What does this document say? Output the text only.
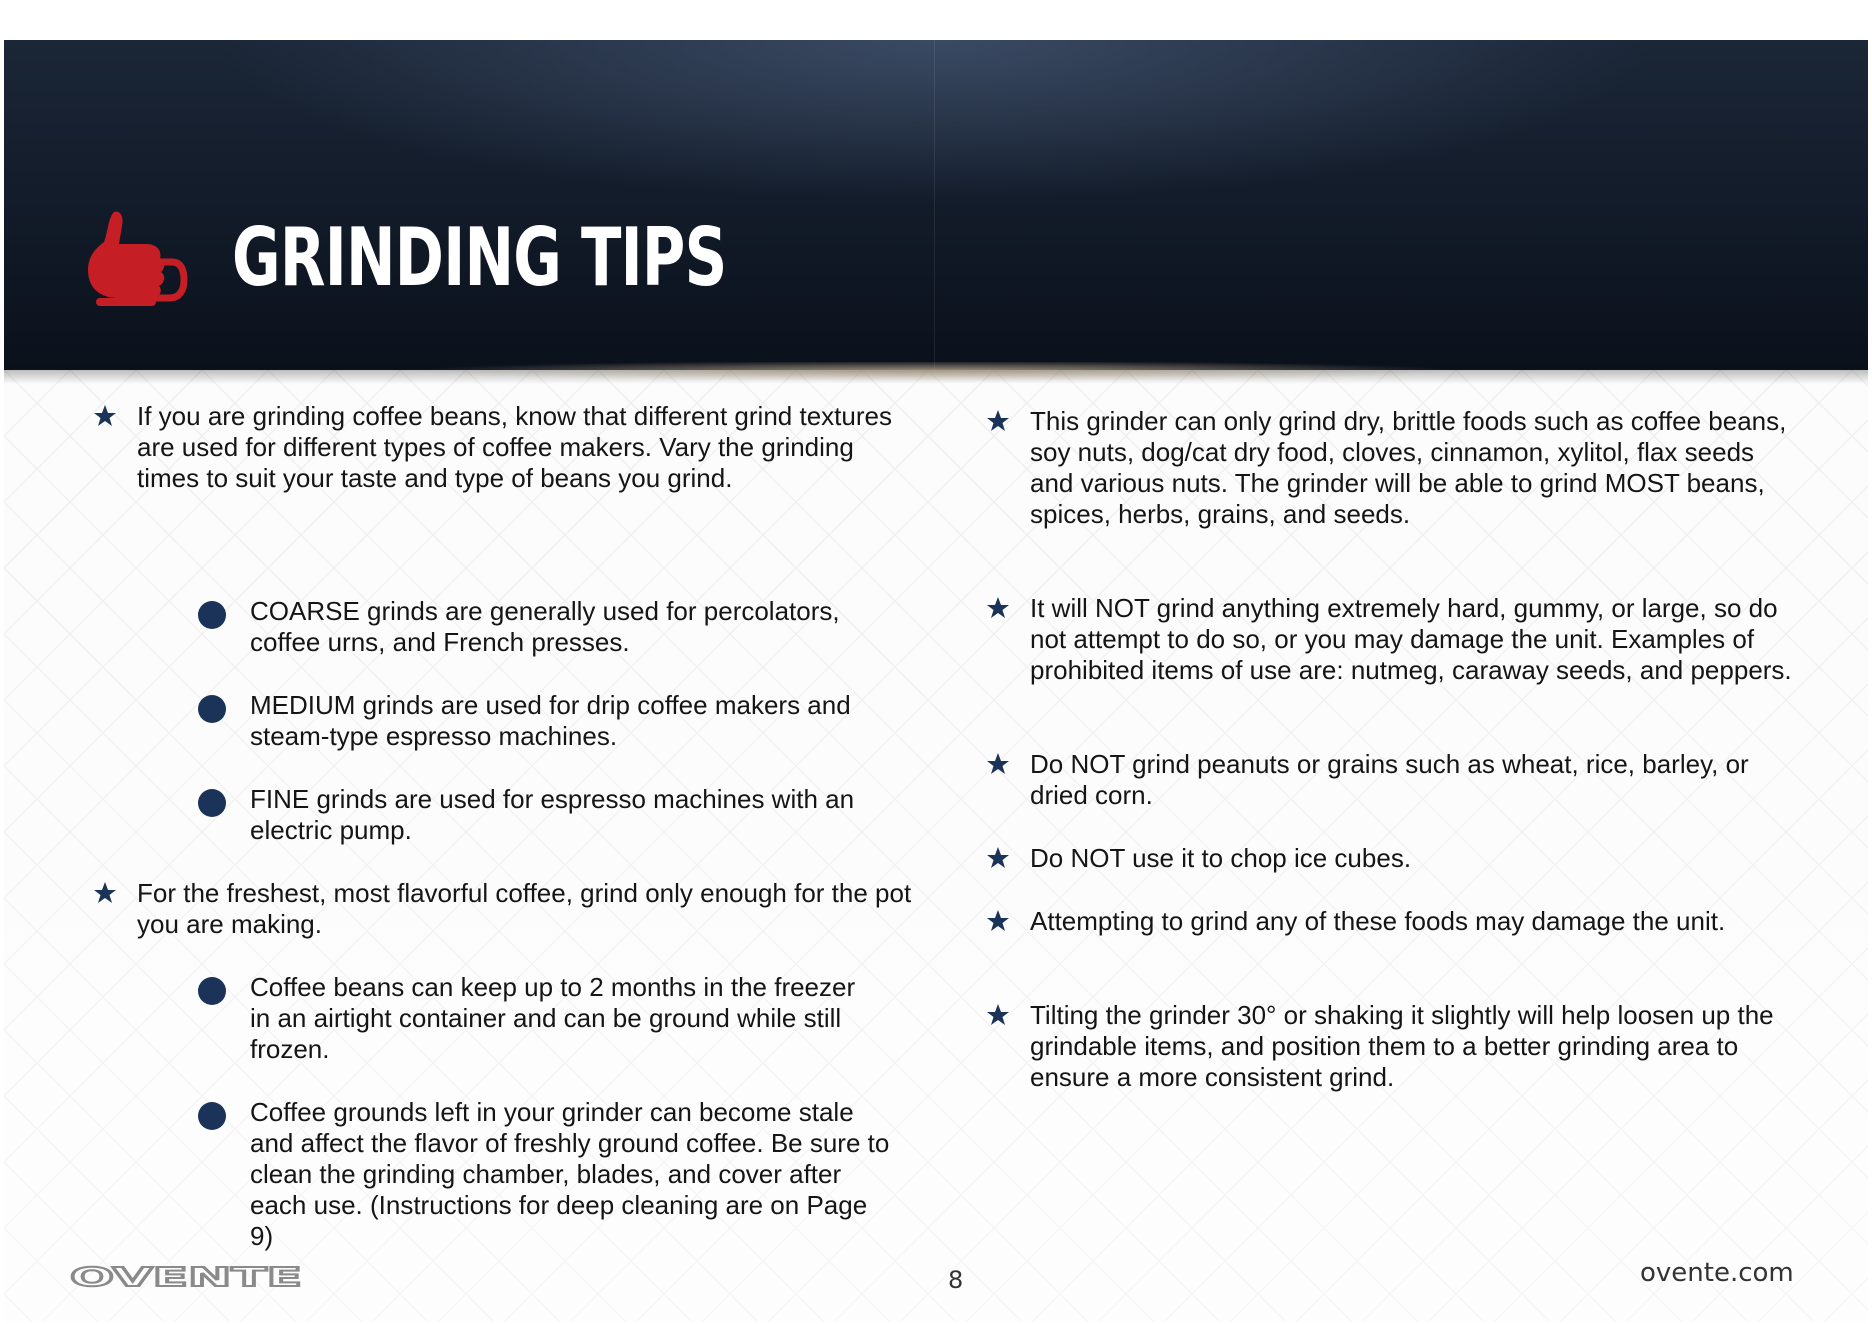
GRINDING TIPS
If you are grinding coffee beans, know that different grind textures are used for different types of coffee makers. Vary the grinding times to suit your taste and type of beans you grind.
COARSE grinds are generally used for percolators, coffee urns, and French presses.
MEDIUM grinds are used for drip coffee makers and steam-type espresso machines.
FINE grinds are used for espresso machines with an electric pump.
For the freshest, most flavorful coffee, grind only enough for the pot you are making.
Coffee beans can keep up to 2 months in the freezer in an airtight container and can be ground while still frozen.
Coffee grounds left in your grinder can become stale and affect the flavor of freshly ground coffee. Be sure to clean the grinding chamber, blades, and cover after each use. (Instructions for deep cleaning are on Page 9)
This grinder can only grind dry, brittle foods such as coffee beans, soy nuts, dog/cat dry food, cloves, cinnamon, xylitol, flax seeds and various nuts. The grinder will be able to grind MOST beans, spices, herbs, grains, and seeds.
It will NOT grind anything extremely hard, gummy, or large, so do not attempt to do so, or you may damage the unit. Examples of prohibited items of use are: nutmeg, caraway seeds, and peppers.
Do NOT grind peanuts or grains such as wheat, rice, barley, or dried corn.
Do NOT use it to chop ice cubes.
Attempting to grind any of these foods may damage the unit.
Tilting the grinder 30° or shaking it slightly will help loosen up the grindable items, and position them to a better grinding area to ensure a more consistent grind.
OVENTE	8	ovente.com
